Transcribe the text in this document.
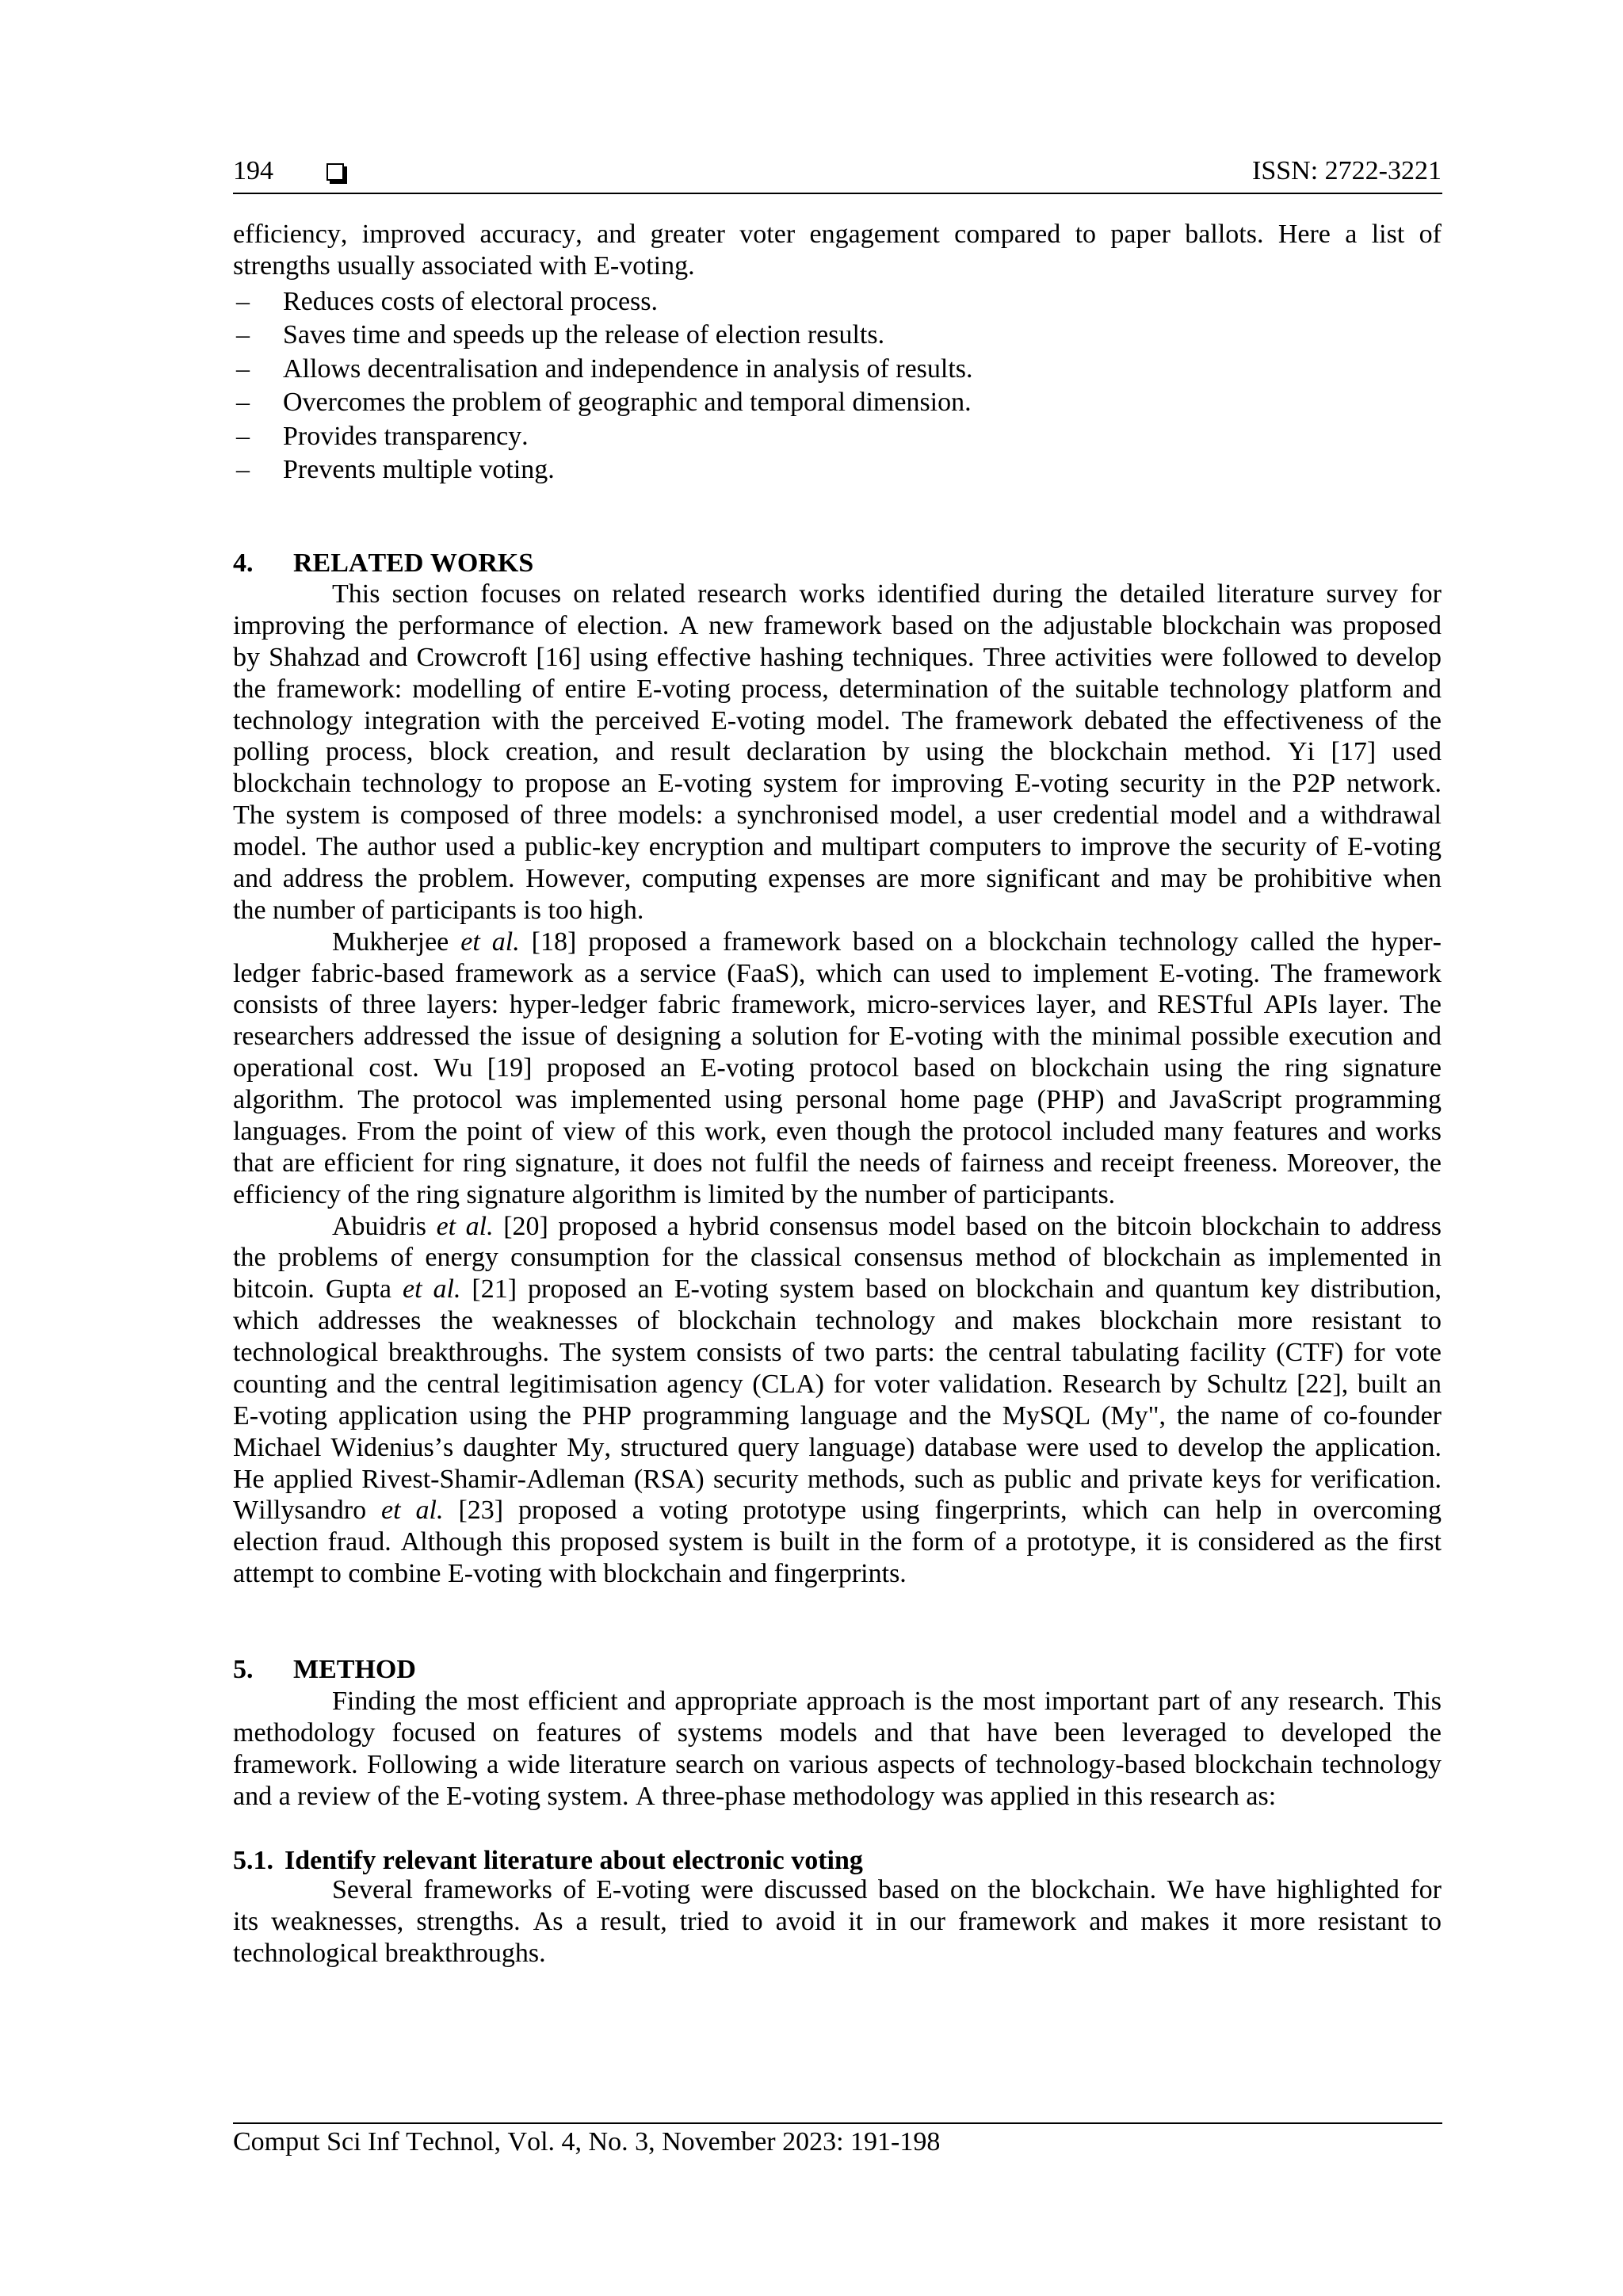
194	ISSN: 2722-3221
efficiency, improved accuracy, and greater voter engagement compared to paper ballots. Here a list of
strengths usually associated with E-voting.
– Reduces costs of electoral process.
– Saves time and speeds up the release of election results.
– Allows decentralisation and independence in analysis of results.
– Overcomes the problem of geographic and temporal dimension.
– Provides transparency.
– Prevents multiple voting.
4. RELATED WORKS
This section focuses on related research works identified during the detailed literature survey for
improving the performance of election. A new framework based on the adjustable blockchain was proposed
by Shahzad and Crowcroft [16] using effective hashing techniques. Three activities were followed to develop
the framework: modelling of entire E-voting process, determination of the suitable technology platform and
technology integration with the perceived E-voting model. The framework debated the effectiveness of the
polling process, block creation, and result declaration by using the blockchain method. Yi [17] used
blockchain technology to propose an E-voting system for improving E-voting security in the P2P network.
The system is composed of three models: a synchronised model, a user credential model and a withdrawal
model. The author used a public-key encryption and multipart computers to improve the security of E-voting
and address the problem. However, computing expenses are more significant and may be prohibitive when
the number of participants is too high.
Mukherjee et al. [18] proposed a framework based on a blockchain technology called the hyper-
ledger fabric-based framework as a service (FaaS), which can used to implement E-voting. The framework
consists of three layers: hyper-ledger fabric framework, micro-services layer, and RESTful APIs layer. The
researchers addressed the issue of designing a solution for E-voting with the minimal possible execution and
operational cost. Wu [19] proposed an E-voting protocol based on blockchain using the ring signature
algorithm. The protocol was implemented using personal home page (PHP) and JavaScript programming
languages. From the point of view of this work, even though the protocol included many features and works
that are efficient for ring signature, it does not fulfil the needs of fairness and receipt freeness. Moreover, the
efficiency of the ring signature algorithm is limited by the number of participants.
Abuidris et al. [20] proposed a hybrid consensus model based on the bitcoin blockchain to address
the problems of energy consumption for the classical consensus method of blockchain as implemented in
bitcoin. Gupta et al. [21] proposed an E-voting system based on blockchain and quantum key distribution,
which addresses the weaknesses of blockchain technology and makes blockchain more resistant to
technological breakthroughs. The system consists of two parts: the central tabulating facility (CTF) for vote
counting and the central legitimisation agency (CLA) for voter validation. Research by Schultz [22], built an
E-voting application using the PHP programming language and the MySQL (My", the name of co-founder
Michael Widenius’s daughter My, structured query language) database were used to develop the application.
He applied Rivest-Shamir-Adleman (RSA) security methods, such as public and private keys for verification.
Willysandro et al. [23] proposed a voting prototype using fingerprints, which can help in overcoming
election fraud. Although this proposed system is built in the form of a prototype, it is considered as the first
attempt to combine E-voting with blockchain and fingerprints.
5. METHOD
Finding the most efficient and appropriate approach is the most important part of any research. This
methodology focused on features of systems models and that have been leveraged to developed the
framework. Following a wide literature search on various aspects of technology-based blockchain technology
and a review of the E-voting system. A three-phase methodology was applied in this research as:
5.1. Identify relevant literature about electronic voting
Several frameworks of E-voting were discussed based on the blockchain. We have highlighted for
its weaknesses, strengths. As a result, tried to avoid it in our framework and makes it more resistant to
technological breakthroughs.
Comput Sci Inf Technol, Vol. 4, No. 3, November 2023: 191-198
